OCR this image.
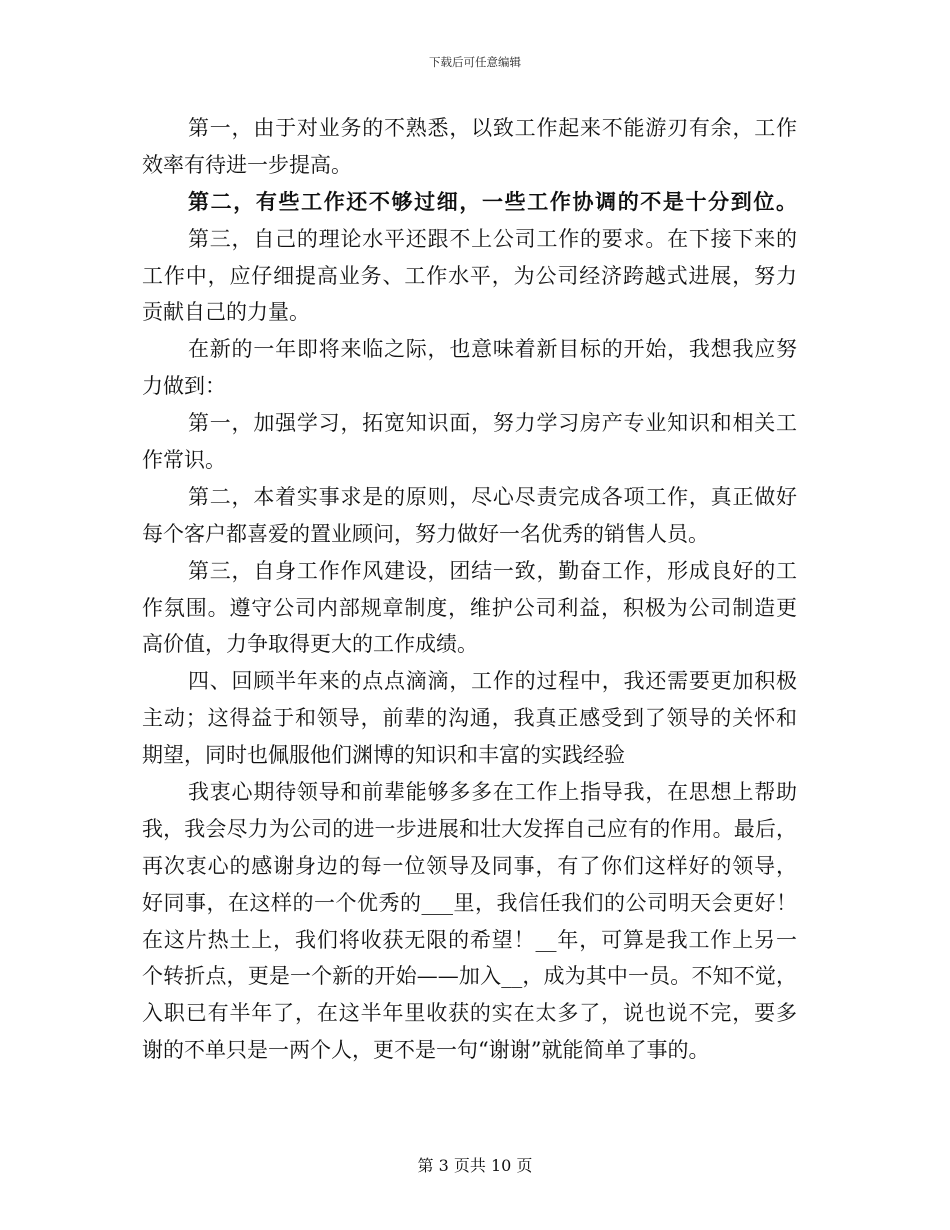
下载后可任意编辑
第一，由于对业务的不熟悉，以致工作起来不能游刃有余，工作
效率有待进一步提高。
第二，有些工作还不够过细，一些工作协调的不是十分到位。
第三，自己的理论水平还跟不上公司工作的要求。在下接下来的
工作中，应仔细提高业务、工作水平，为公司经济跨越式进展，努力
贡献自己的力量。
在新的一年即将来临之际，也意味着新目标的开始，我想我应努
力做到：
第一，加强学习，拓宽知识面，努力学习房产专业知识和相关工
作常识。
第二，本着实事求是的原则，尽心尽责完成各项工作，真正做好
每个客户都喜爱的置业顾问，努力做好一名优秀的销售人员。
第三，自身工作作风建设，团结一致，勤奋工作，形成良好的工
作氛围。遵守公司内部规章制度，维护公司利益，积极为公司制造更
高价值，力争取得更大的工作成绩。
四、回顾半年来的点点滴滴，工作的过程中，我还需要更加积极
主动；这得益于和领导，前辈的沟通，我真正感受到了领导的关怀和
期望，同时也佩服他们渊博的知识和丰富的实践经验
我衷心期待领导和前辈能够多多在工作上指导我，在思想上帮助
我，我会尽力为公司的进一步进展和壮大发挥自己应有的作用。最后，
再次衷心的感谢身边的每一位领导及同事，有了你们这样好的领导，
好同事，在这样的一个优秀的___里，我信任我们的公司明天会更好！
在这片热土上，我们将收获无限的希望！__年，可算是我工作上另一
个转折点，更是一个新的开始——加入__，成为其中一员。不知不觉，
入职已有半年了，在这半年里收获的实在太多了，说也说不完，要多
谢的不单只是一两个人，更不是一句“谢谢”就能简单了事的。
第 3 页共 10 页
